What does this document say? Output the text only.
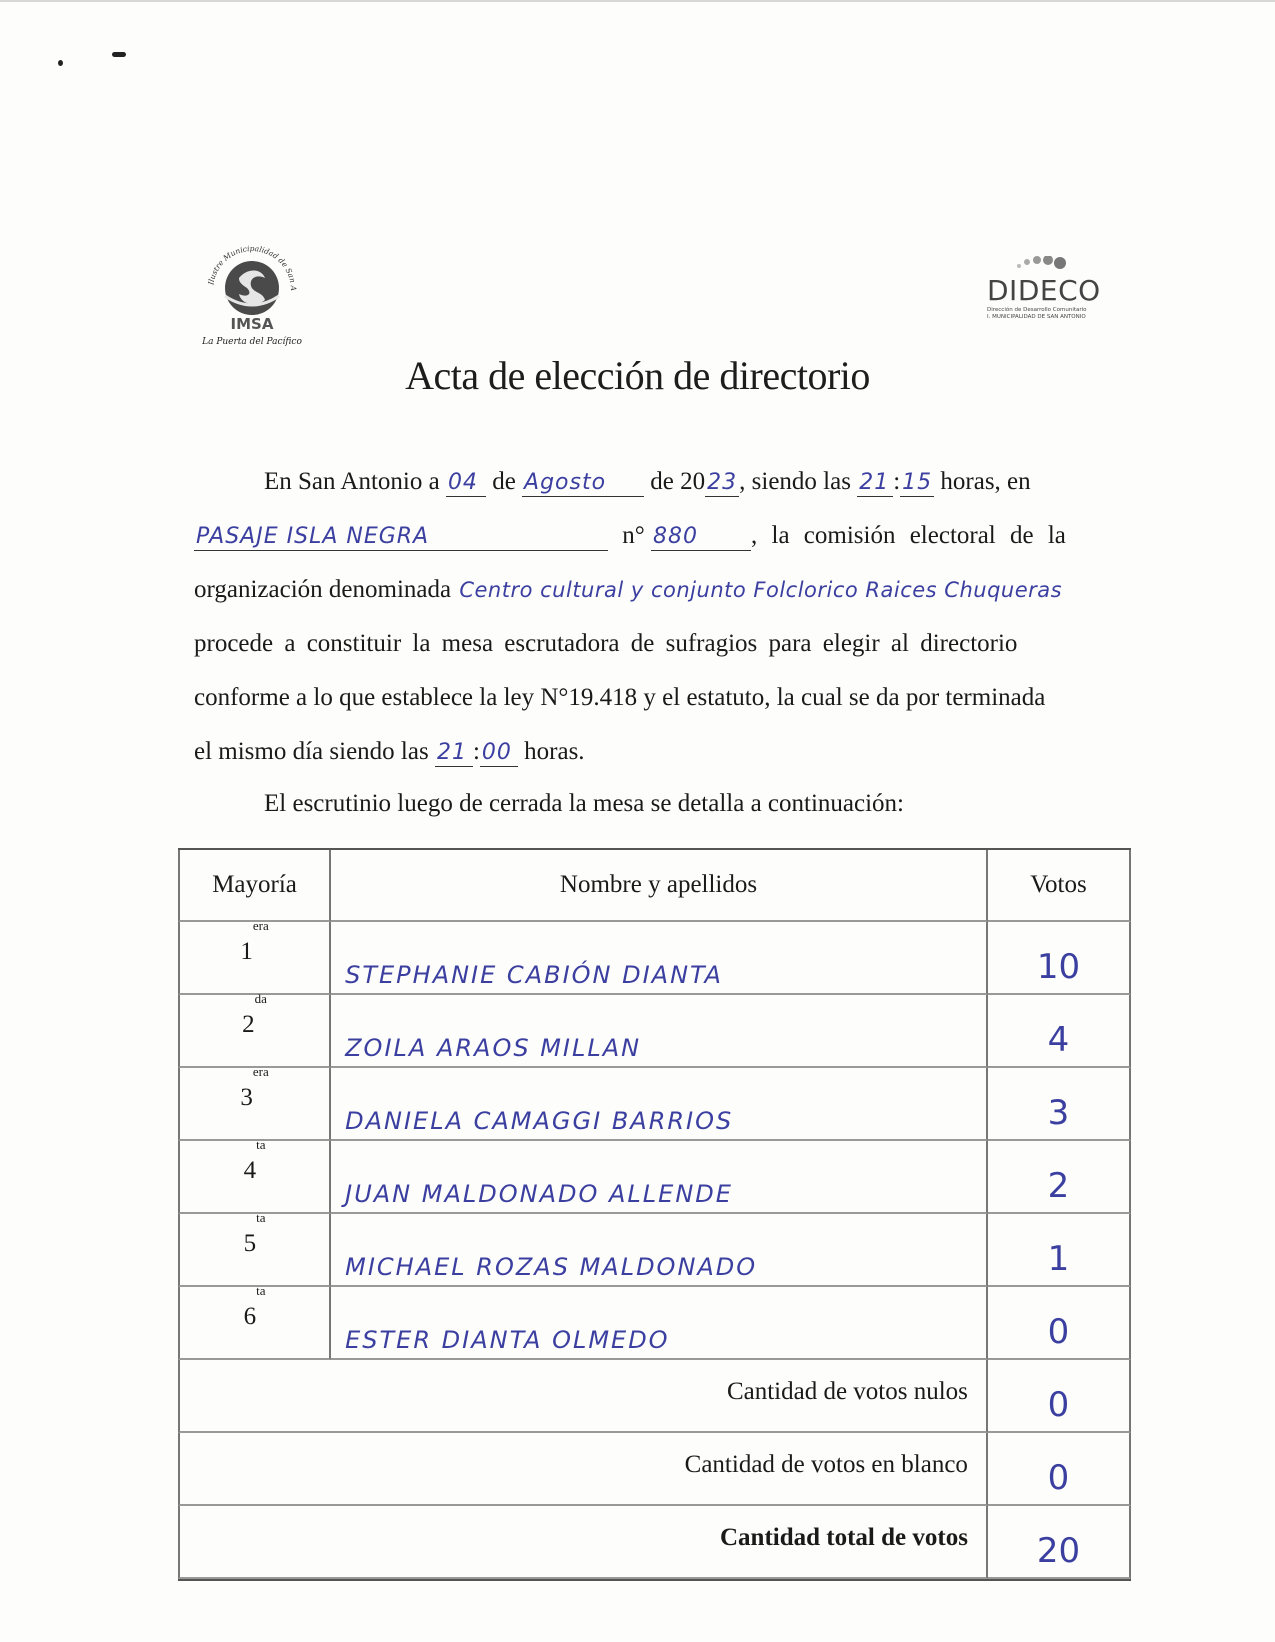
Ilustre Municipalidad de San A
IMSA
La Puerta del Pacífico
DIDECO
Dirección de Desarrollo Comunitario
I. MUNICIPALIDAD DE SAN ANTONIO
Acta de elección de directorio
En San Antonio a 04 de Agosto de 2023, siendo las 21 :15 horas, en
PASAJE ISLA NEGRA	n° 880 , la comisión electoral de la
organización denominada Centro cultural y conjunto Folclorico Raices Chuqueras
procede a constituir la mesa escrutadora de sufragios para elegir al directorio
conforme a lo que establece la ley N°19.418 y el estatuto, la cual se da por terminada
el mismo día siendo las 21 :00 horas.
El escrutinio luego de cerrada la mesa se detalla a continuación:
Mayoría	Nombre y apellidos	Votos
$1^{era}$	STEPHANIE CABIÓN DIANTA	10

$2^{da}$	ZOILA ARAOS MILLAN	4

$3^{era}$	DANIELA CAMAGGI BARRIOS	3

$4^{ta}$	JUAN MALDONADO ALLENDE	2

$5^{ta}$	MICHAEL ROZAS MALDONADO	1

$6^{ta}$	ESTER DIANTA OLMEDO	0

Cantidad de votos nulos		0

Cantidad de votos en blanco		0

Cantidad total de votos		20
